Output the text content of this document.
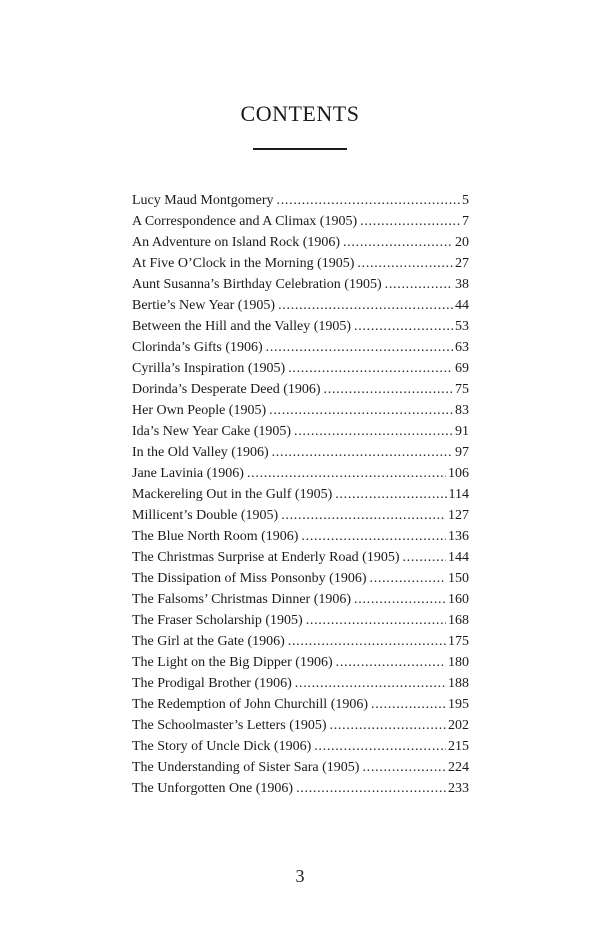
CONTENTS
Lucy Maud Montgomery . . .	5
A Correspondence and A Climax (1905) . . .	7
An Adventure on Island Rock (1906) . . .	20
At Five O’Clock in the Morning (1905) . . .	27
Aunt Susanna’s Birthday Celebration (1905) . . .	38
Bertie’s New Year (1905) . . .	44
Between the Hill and the Valley (1905) . . .	53
Clorinda’s Gifts (1906) . . .	63
Cyrilla’s Inspiration (1905) . . .	69
Dorinda’s Desperate Deed (1906) . . .	75
Her Own People (1905) . . .	83
Ida’s New Year Cake (1905) . . .	91
In the Old Valley (1906) . . .	97
Jane Lavinia (1906) . . .	106
Mackereling Out in the Gulf (1905) . . .	114
Millicent’s Double (1905) . . .	127
The Blue North Room (1906) . . .	136
The Christmas Surprise at Enderly Road (1905) . . .	144
The Dissipation of Miss Ponsonby (1906) . . .	150
The Falsoms’ Christmas Dinner (1906) . . .	160
The Fraser Scholarship (1905) . . .	168
The Girl at the Gate (1906) . . .	175
The Light on the Big Dipper (1906) . . .	180
The Prodigal Brother (1906) . . .	188
The Redemption of John Churchill (1906) . . .	195
The Schoolmaster’s Letters (1905) . . .	202
The Story of Uncle Dick (1906) . . .	215
The Understanding of Sister Sara (1905) . . .	224
The Unforgotten One (1906) . . .	233
3
